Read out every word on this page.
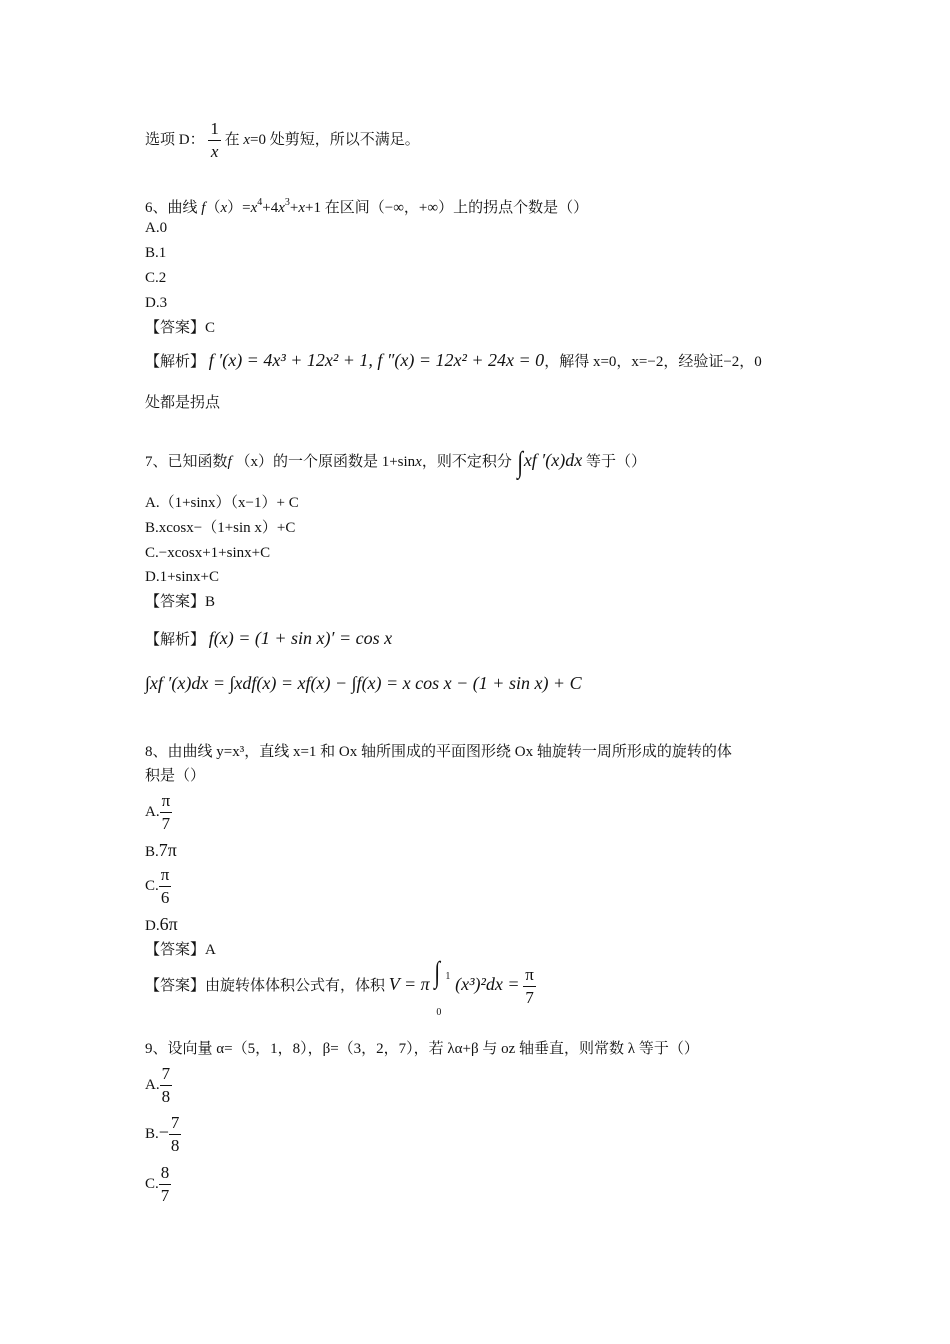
选项 D： $\frac{1}{x}$ 在 x=0 处剪短，所以不满足。
6、曲线 $f(x)=x^4+4x^3+x+1$ 在区间（−∞，+∞）上的拐点个数是（）
A.0
B.1
C.2
D.3
【答案】C
【解析】 f ′(x) = 4x³ + 12x² + 1, f ″(x) = 12x² + 24x = 0，解得 x=0，x=−2，经验证−2，0
处都是拐点
7、已知函数f （x）的一个原函数是 1+sinx，则不定积分 ∫xf ′(x)dx 等于（）
A.（1+sinx）（x−1）+ C
B.xcosx−（1+sin x）+C
C.−xcosx+1+sinx+C
D.1+sinx+C
【答案】B
【解析】 f(x) = (1 + sin x)′ = cos x
∫xf ′(x)dx = ∫xdf(x) = xf(x) − ∫f(x) = x cos x − (1 + sin x) + C
8、由曲线 y=x³，直线 x=1 和 Ox 轴所围成的平面图形绕 Ox 轴旋转一周所形成的旋转的体
积是（）
A. $\frac{\pi}{7}$
B.7π
C. $\frac{\pi}{6}$
D.6π
【答案】A
【答案】由旋转体体积公式有，体积 V = π ∫ 1
0
$(x^3)^2dx = \frac{\pi}{7}$
9、设向量 α=（5，1，8），β=（3，2，7），若 λα+β 与 oz 轴垂直，则常数 λ 等于（）
A. $\frac{7}{8}$
$B.- \frac{7}{8}$
C. $\frac{8}{7}$
